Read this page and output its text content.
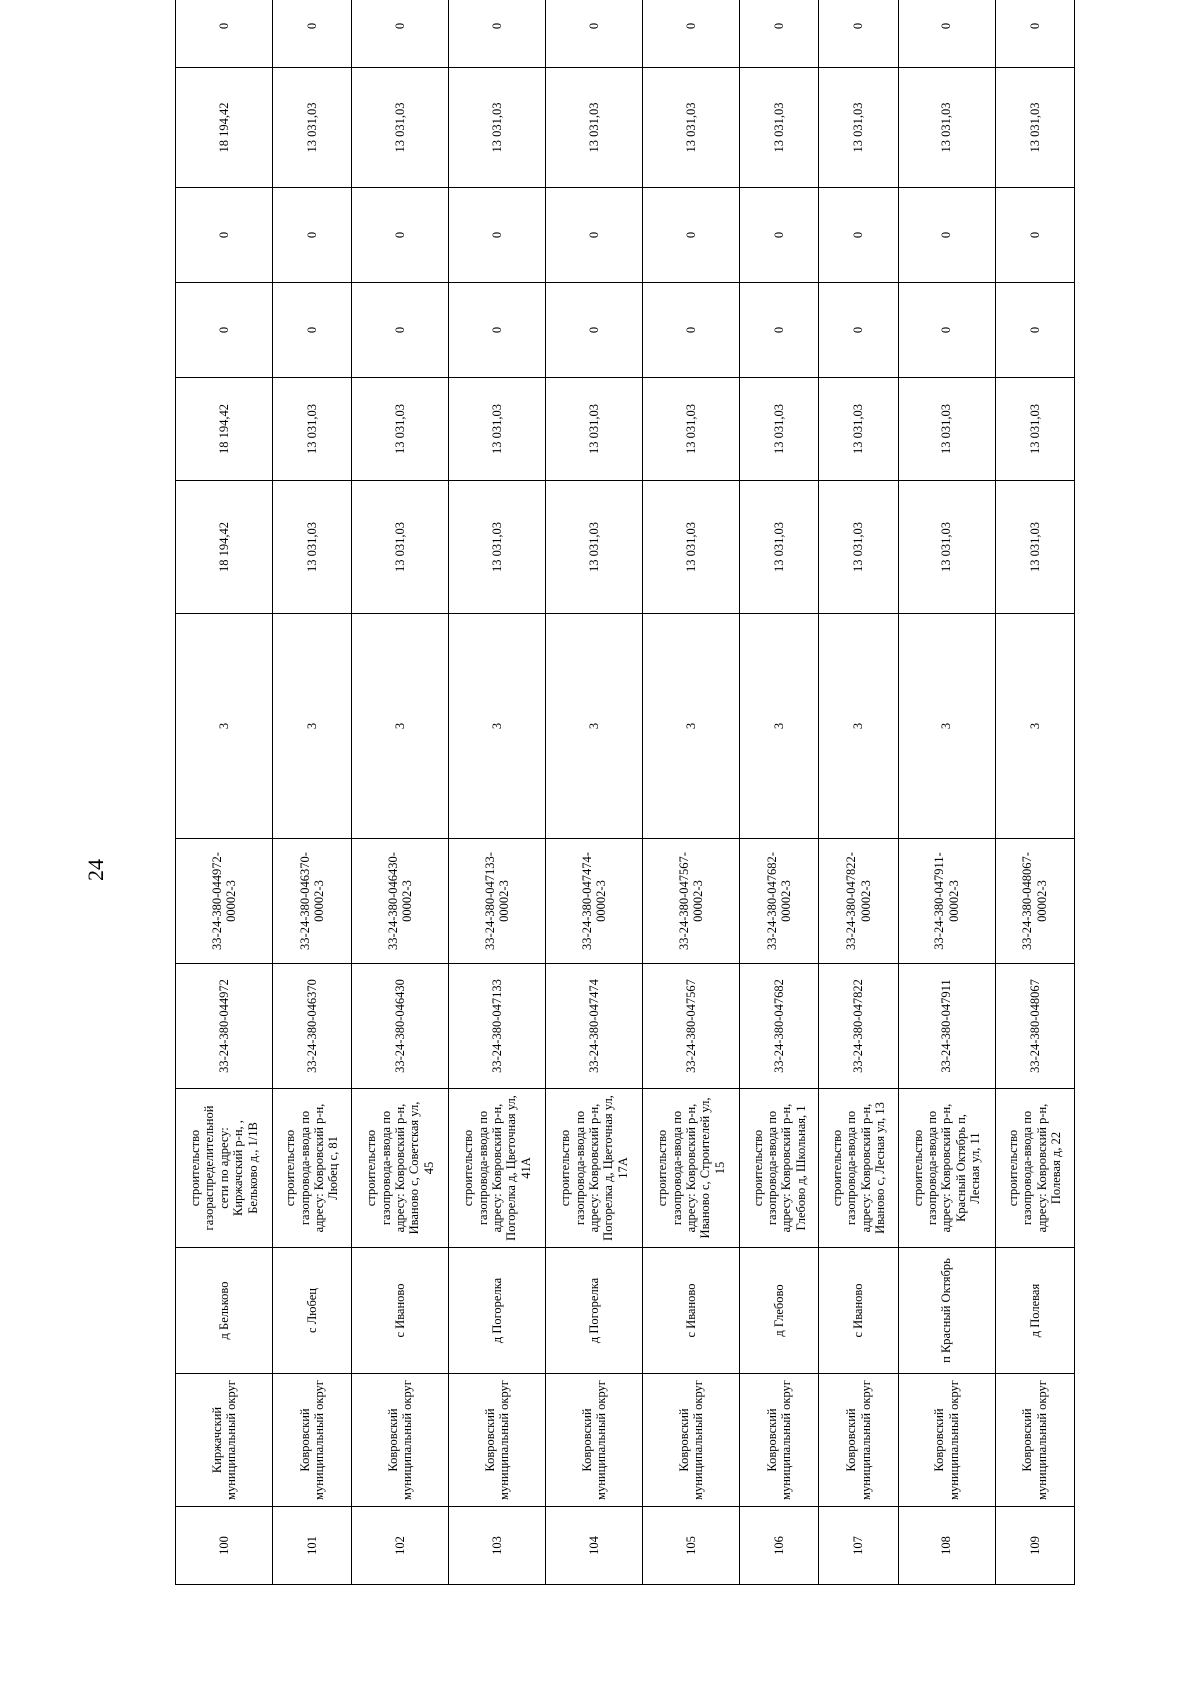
24
100	Киржачский муниципальный округ	д Бельково	строительство газораспределительной сети по адресу: Киржачский р-н, , Бельково д., 1/1В	33-24-380-044972	33-24-380-044972-00002-3	3	18 194,42	18 194,42	0	0	18 194,42	0
101	Ковровский муниципальный округ	с Любец	строительство газопровода-ввода по адресу: Ковровский р-н, Любец с, 81	33-24-380-046370	33-24-380-046370-00002-3	3	13 031,03	13 031,03	0	0	13 031,03	0
102	Ковровский муниципальный округ	с Иваново	строительство газопровода-ввода по адресу: Ковровский р-н, Иваново с, Советская ул, 45	33-24-380-046430	33-24-380-046430-00002-3	3	13 031,03	13 031,03	0	0	13 031,03	0
103	Ковровский муниципальный округ	д Погорелка	строительство газопровода-ввода по адресу: Ковровский р-н, Погорелка д, Цветочная ул, 41А	33-24-380-047133	33-24-380-047133-00002-3	3	13 031,03	13 031,03	0	0	13 031,03	0
104	Ковровский муниципальный округ	д Погорелка	строительство газопровода-ввода по адресу: Ковровский р-н, Погорелка д, Цветочная ул, 17А	33-24-380-047474	33-24-380-047474-00002-3	3	13 031,03	13 031,03	0	0	13 031,03	0
105	Ковровский муниципальный округ	с Иваново	строительство газопровода-ввода по адресу: Ковровский р-н, Иваново с, Строителей ул, 15	33-24-380-047567	33-24-380-047567-00002-3	3	13 031,03	13 031,03	0	0	13 031,03	0
106	Ковровский муниципальный округ	д Глебово	строительство газопровода-ввода по адресу: Ковровский р-н, Глебово д, Школьная, 1	33-24-380-047682	33-24-380-047682-00002-3	3	13 031,03	13 031,03	0	0	13 031,03	0
107	Ковровский муниципальный округ	с Иваново	строительство газопровода-ввода по адресу: Ковровский р-н, Иваново с, Лесная ул, 13	33-24-380-047822	33-24-380-047822-00002-3	3	13 031,03	13 031,03	0	0	13 031,03	0
108	Ковровский муниципальный округ	п Красный Октябрь	строительство газопровода-ввода по адресу: Ковровский р-н, Красный Октябрь п, Лесная ул, 11	33-24-380-047911	33-24-380-047911-00002-3	3	13 031,03	13 031,03	0	0	13 031,03	0
109	Ковровский муниципальный округ	д Полевая	строительство газопровода-ввода по адресу: Ковровский р-н, Полевая д, 22	33-24-380-048067	33-24-380-048067-00002-3	3	13 031,03	13 031,03	0	0	13 031,03	0
